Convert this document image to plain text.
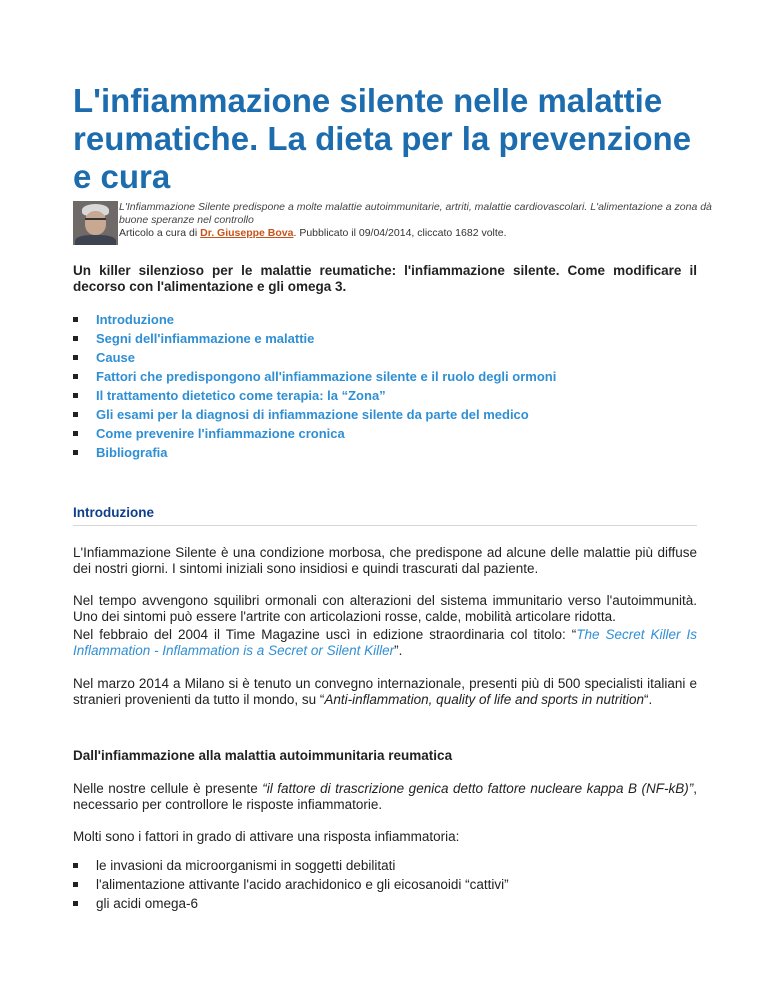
L'infiammazione silente nelle malattie reumatiche. La dieta per la prevenzione e cura
L'Infiammazione Silente predispone a molte malattie autoimmunitarie, artriti, malattie cardiovascolari. L'alimentazione a zona dà buone speranze nel controllo
Articolo a cura di Dr. Giuseppe Bova. Pubblicato il 09/04/2014, cliccato 1682 volte.

Un killer silenzioso per le malattie reumatiche: l'infiammazione silente. Come modificare il decorso con l'alimentazione e gli omega 3.

Introduzione
Segni dell'infiammazione e malattie
Cause
Fattori che predispongono all'infiammazione silente e il ruolo degli ormoni
Il trattamento dietetico come terapia: la “Zona”
Gli esami per la diagnosi di infiammazione silente da parte del medico
Come prevenire l'infiammazione cronica
Bibliografia
Introduzione

L'Infiammazione Silente è una condizione morbosa, che predispone ad alcune delle malattie più diffuse dei nostri giorni. I sintomi iniziali sono insidiosi e quindi trascurati dal paziente.

Nel tempo avvengono squilibri ormonali con alterazioni del sistema immunitario verso l'autoimmunità. Uno dei sintomi può essere l'artrite con articolazioni rosse, calde, mobilità articolare ridotta.

Nel febbraio del 2004 il Time Magazine uscì in edizione straordinaria col titolo: “The Secret Killer Is Inflammation - Inflammation is a Secret or Silent Killer”.

Nel marzo 2014 a Milano si è tenuto un convegno internazionale, presenti più di 500 specialisti italiani e stranieri provenienti da tutto il mondo, su “Anti-inflammation, quality of life and sports in nutrition“.

Dall'infiammazione alla malattia autoimmunitaria reumatica

Nelle nostre cellule è presente “il fattore di trascrizione genica detto fattore nucleare kappa B (NF-kB)”, necessario per controllore le risposte infiammatorie.

Molti sono i fattori in grado di attivare una risposta infiammatoria:

le invasioni da microorganismi in soggetti debilitati
l'alimentazione attivante l'acido arachidonico e gli eicosanoidi “cattivi”
gli acidi omega-6
